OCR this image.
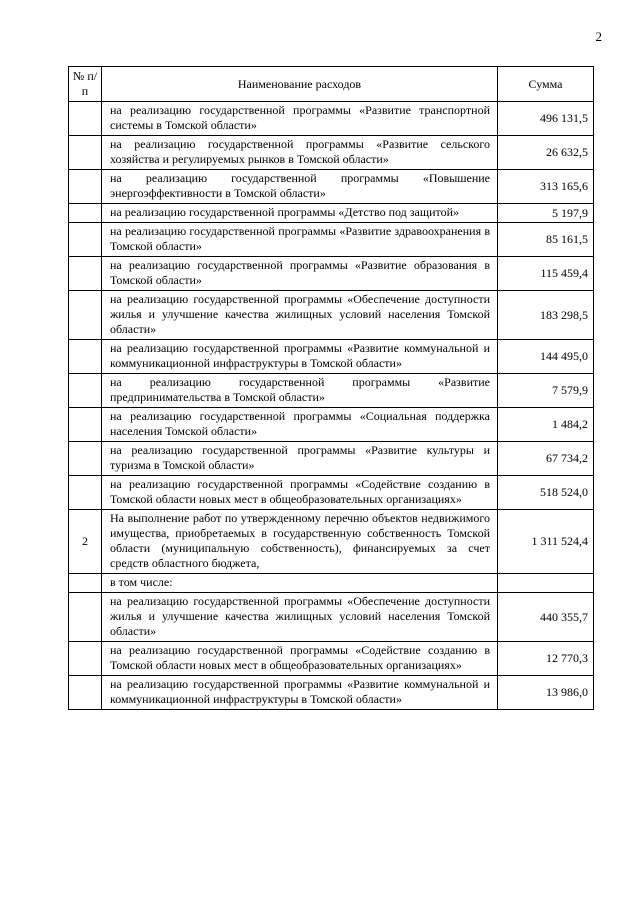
2
№ п/п	Наименование расходов	Сумма
	на реализацию государственной программы «Развитие транспортной системы в Томской области»	496 131,5
	на реализацию государственной программы «Развитие сельского хозяйства и регулируемых рынков в Томской области»	26 632,5
	на реализацию государственной программы «Повышение энергоэффективности в Томской области»	313 165,6
	на реализацию государственной программы «Детство под защитой»	5 197,9
	на реализацию государственной программы «Развитие здравоохранения в Томской области»	85 161,5
	на реализацию государственной программы «Развитие образования в Томской области»	115 459,4
	на реализацию государственной программы «Обеспечение доступности жилья и улучшение качества жилищных условий населения Томской области»	183 298,5
	на реализацию государственной программы «Развитие коммунальной и коммуникационной инфраструктуры в Томской области»	144 495,0
	на реализацию государственной программы «Развитие предпринимательства в Томской области»	7 579,9
	на реализацию государственной программы «Социальная поддержка населения Томской области»	1 484,2
	на реализацию государственной программы «Развитие культуры и туризма в Томской области»	67 734,2
	на реализацию государственной программы «Содействие созданию в Томской области новых мест в общеобразовательных организациях»	518 524,0
2	На выполнение работ по утвержденному перечню объектов недвижимого имущества, приобретаемых в государственную собственность Томской области (муниципальную собственность), финансируемых за счет средств областного бюджета,	1 311 524,4
	в том числе:	
	на реализацию государственной программы «Обеспечение доступности жилья и улучшение качества жилищных условий населения Томской области»	440 355,7
	на реализацию государственной программы «Содействие созданию в Томской области новых мест в общеобразовательных организациях»	12 770,3
	на реализацию государственной программы «Развитие коммунальной и коммуникационной инфраструктуры в Томской области»	13 986,0
